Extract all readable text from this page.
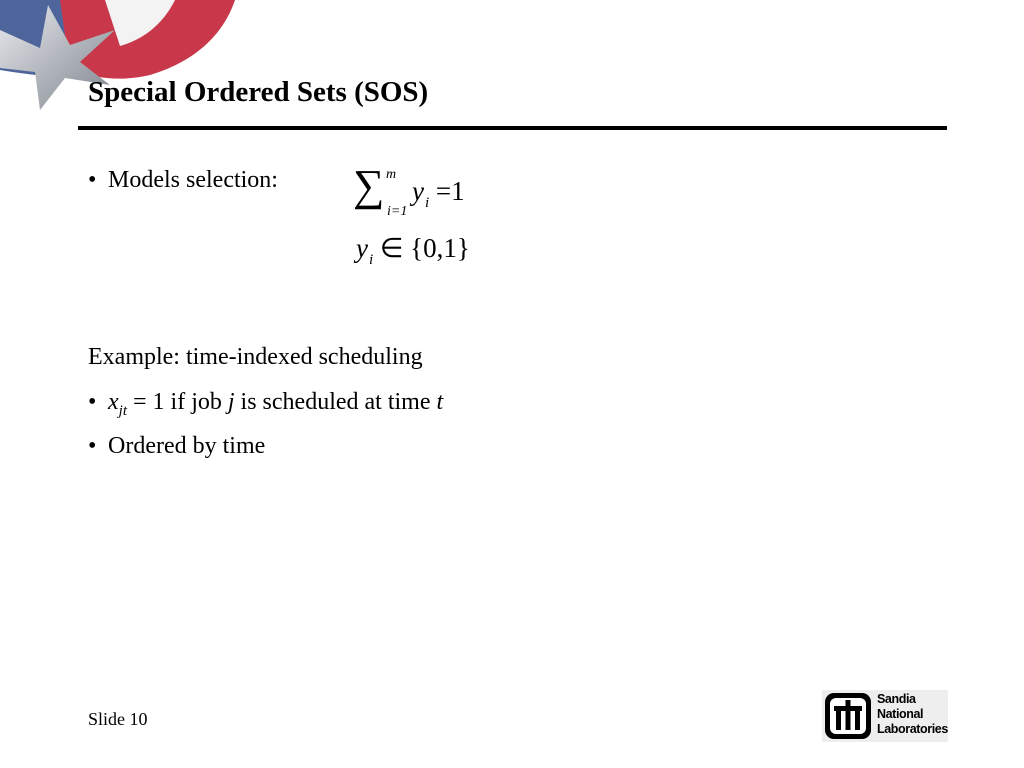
Special Ordered Sets (SOS)
• Models selection: ∑ m
i=1
$y_i =1$
$y_i$ ∈ {0,1}
Example: time-indexed scheduling
• $x_{jt} = 1$ if job j is scheduled at time t
• Ordered by time
Slide 10
Sandia
National
Laboratories
